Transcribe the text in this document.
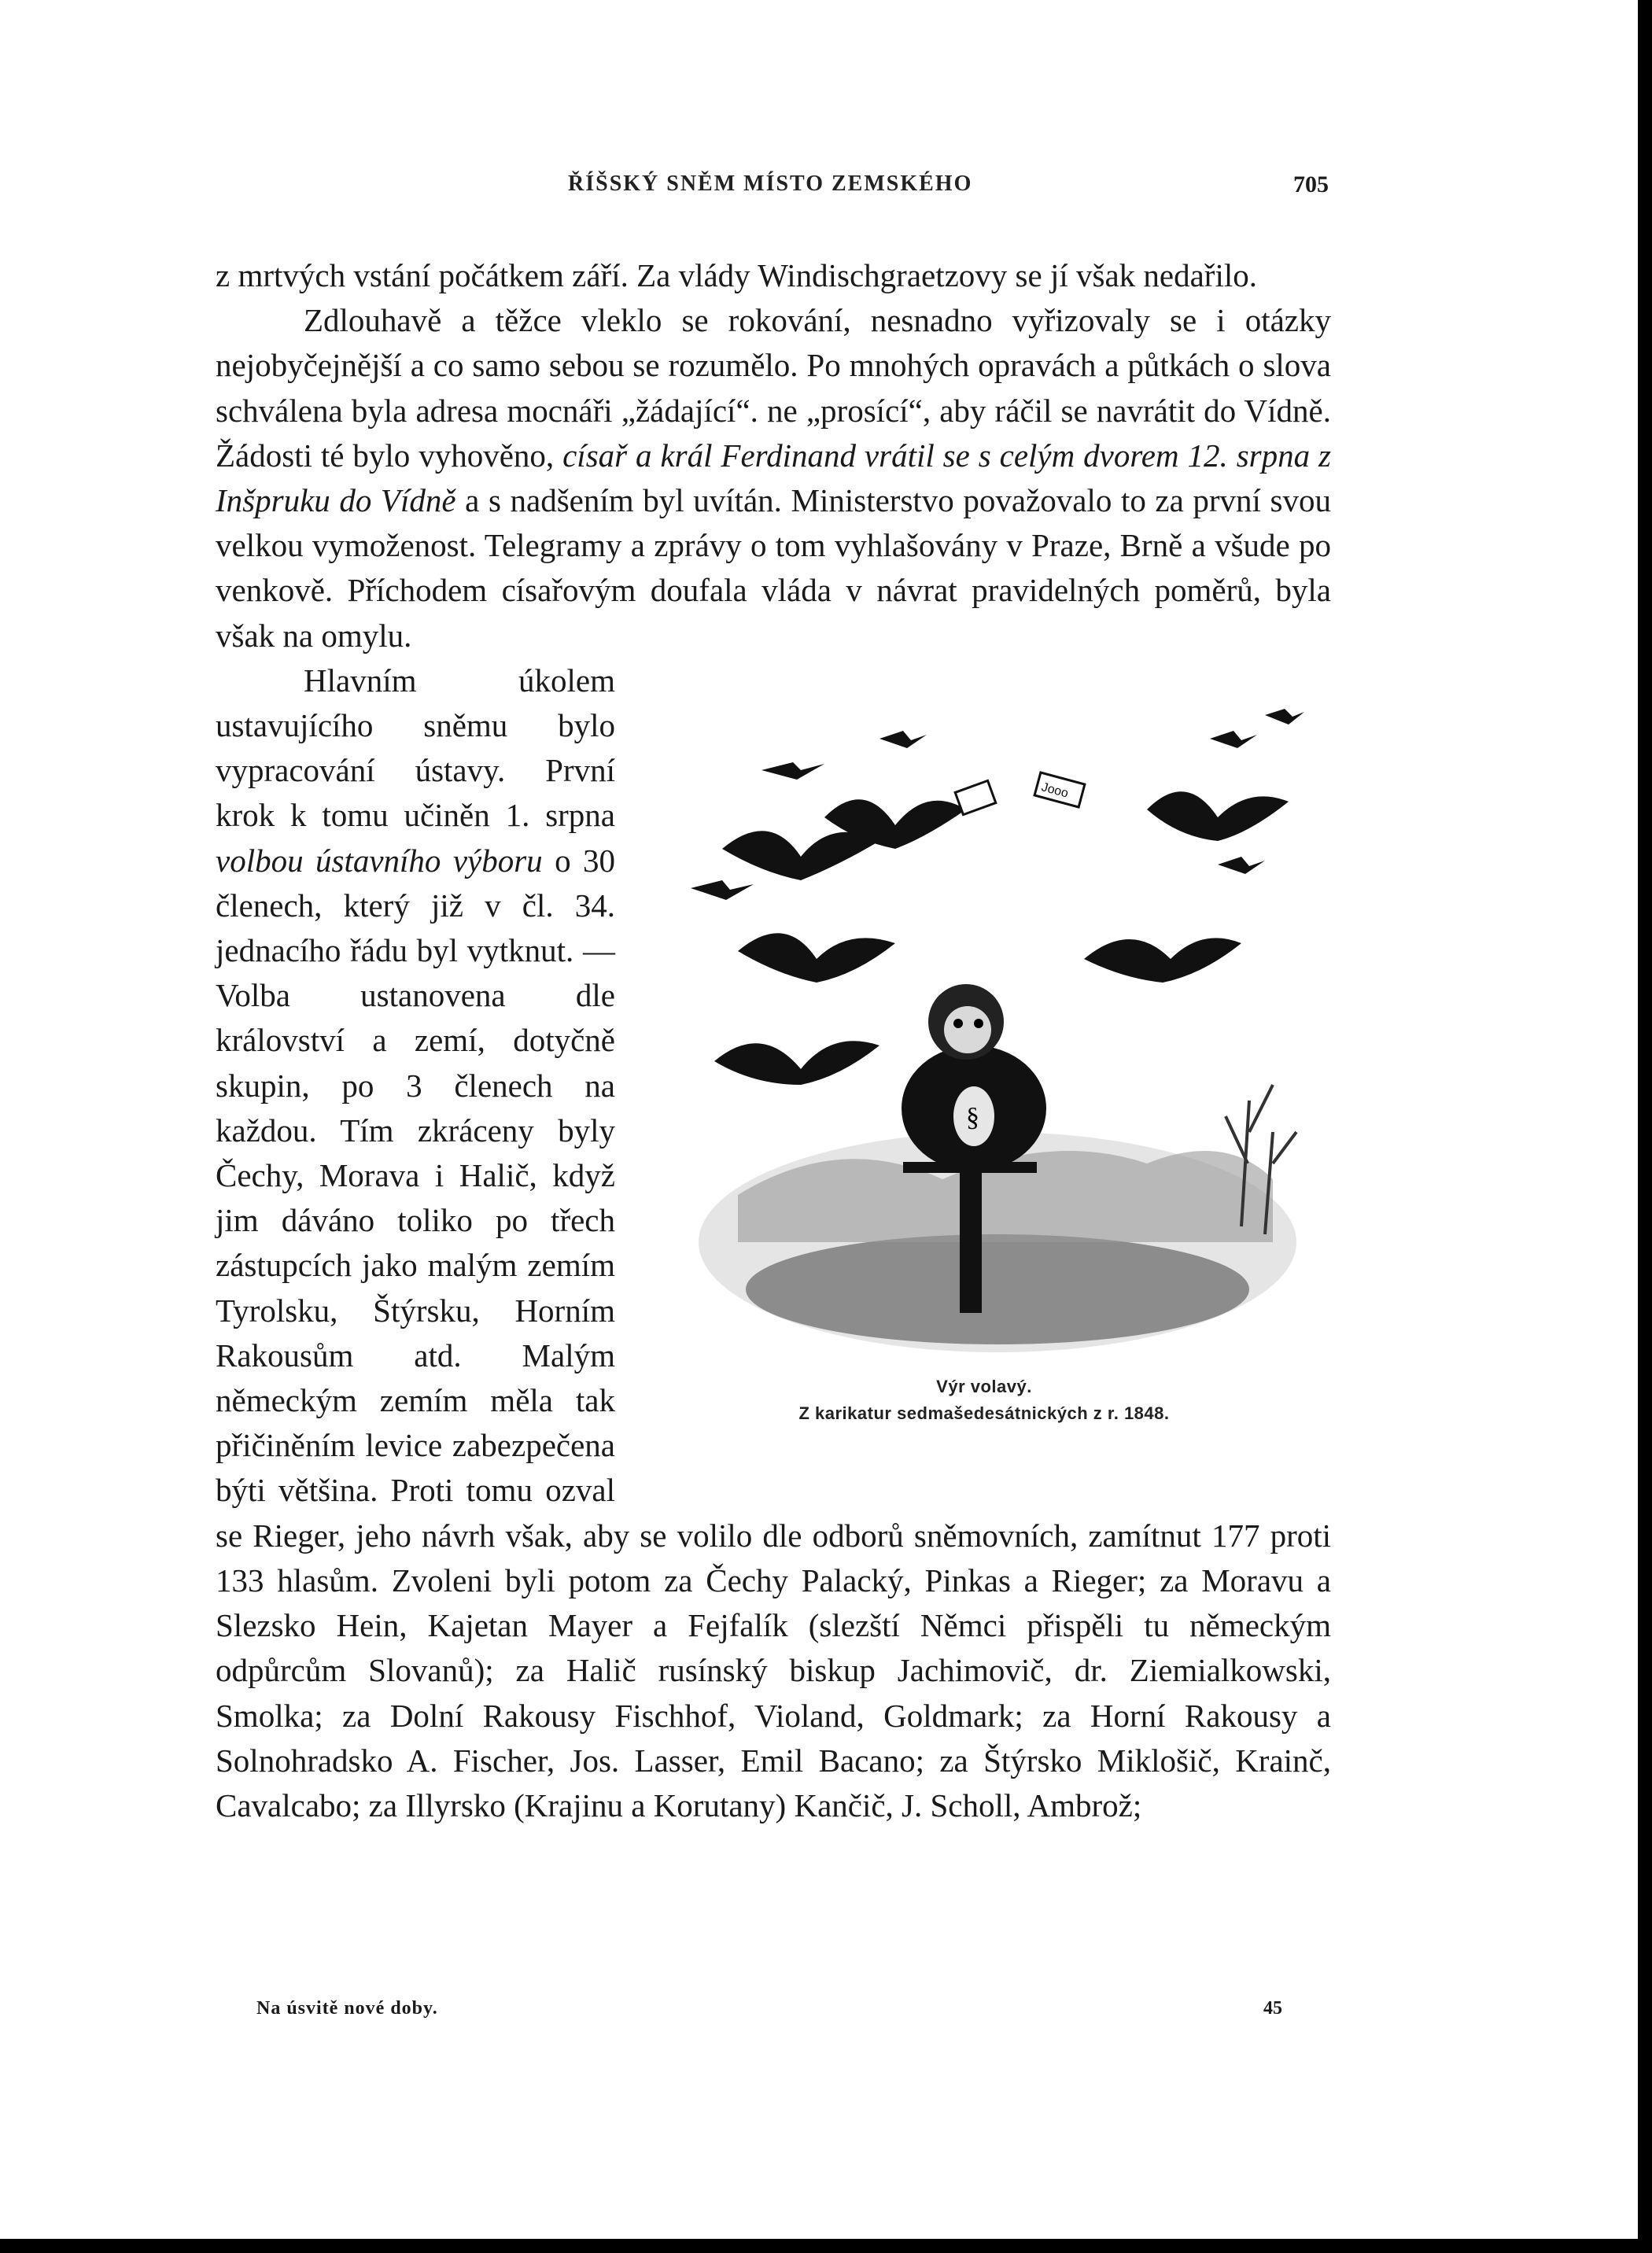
ŘÍŠSKÝ SNĚM MÍSTO ZEMSKÉHO	705

z mrtvých vstání počátkem září. Za vlády Windischgraetzovy se jí však nedařilo.

Zdlouhavě a těžce vleklo se rokování, nesnadno vyřizovaly se i otázky nejobyčejnější a co samo sebou se rozumělo. Po mnohých opravách a půtkách o slova schválena byla adresa mocnáři „žádající“. ne „prosící“, aby ráčil se navrátit do Vídně. Žádosti té bylo vyhověno, císař a král Ferdinand vrátil se s celým dvorem 12. srpna z Inšpruku do Vídně a s nadšením byl uvítán. Ministerstvo považovalo to za první svou velkou vymoženost. Telegramy a zprávy o tom vyhlašovány v Praze, Brně a všude po venkově. Příchodem císařovým doufala vláda v návrat pravidelných poměrů, byla však na omylu.

§
Jooo
Výr volavý.
Z karikatur sedmašedesátnických z r. 1848.

Hlavním úkolem ustavujícího sněmu bylo vypracování ústavy. První krok k tomu učiněn 1. srpna volbou ústavního výboru o 30 členech, který již v čl. 34. jednacího řádu byl vytknut. — Volba ustanovena dle království a zemí, dotyčně skupin, po 3 členech na každou. Tím zkráceny byly Čechy, Morava i Halič, když jim dáváno toliko po třech zástupcích jako malým zemím Tyrolsku, Štýrsku, Horním Rakousům atd. Malým německým zemím měla tak přičiněním levice zabezpečena býti většina. Proti tomu ozval se Rieger, jeho návrh však, aby se volilo dle odborů sněmovních, zamítnut 177 proti 133 hlasům. Zvoleni byli potom za Čechy Palacký, Pinkas a Rieger; za Moravu a Slezsko Hein, Kajetan Mayer a Fejfalík (slezští Němci přispěli tu německým odpůrcům Slovanů); za Halič rusínský biskup Jachimovič, dr. Ziemialkowski, Smolka; za Dolní Rakousy Fischhof, Violand, Goldmark; za Horní Rakousy a Solnohradsko A. Fischer, Jos. Lasser, Emil Bacano; za Štýrsko Miklošič, Krainč, Cavalcabo; za Illyrsko (Krajinu a Korutany) Kančič, J. Scholl, Ambrož;

Na úsvitě nové doby.	45
